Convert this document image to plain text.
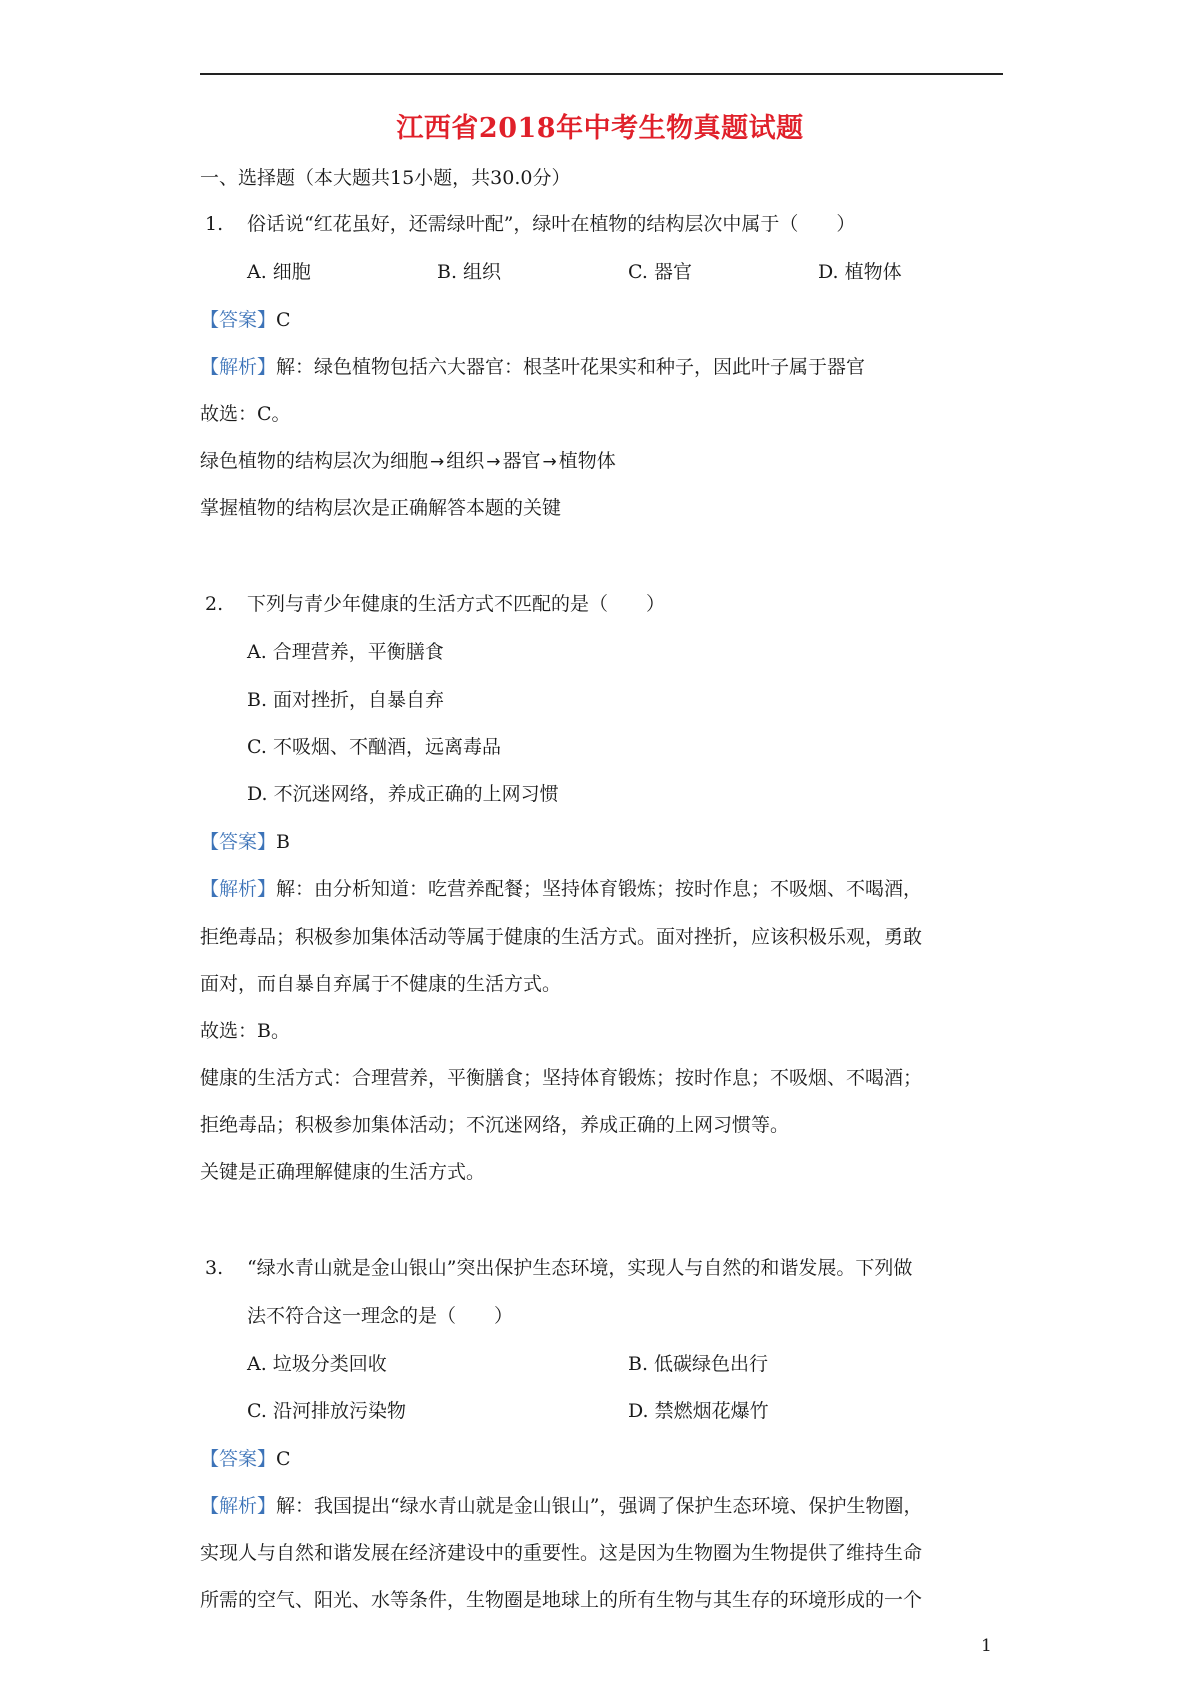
江西省2018年中考生物真题试题
一、选择题（本大题共15小题，共30.0分）
1. 俗话说“红花虽好，还需绿叶配”，绿叶在植物的结构层次中属于（　　）
A. 细胞	B. 组织	C. 器官	D. 植物体
【答案】C
【解析】解：绿色植物包括六大器官：根茎叶花果实和种子，因此叶子属于器官
故选：C。
绿色植物的结构层次为细胞 → 组织 → 器官 → 植物体
掌握植物的结构层次是正确解答本题的关键
2. 下列与青少年健康的生活方式不匹配的是（　　）
A. 合理营养，平衡膳食
B. 面对挫折，自暴自弃
C. 不吸烟、不酗酒，远离毒品
D. 不沉迷网络，养成正确的上网习惯
【答案】B
【解析】解：由分析知道：吃营养配餐；坚持体育锻炼；按时作息；不吸烟、不喝酒，
拒绝毒品；积极参加集体活动等属于健康的生活方式。面对挫折，应该积极乐观，勇敢
面对，而自暴自弃属于不健康的生活方式。
故选：B。
健康的生活方式：合理营养，平衡膳食；坚持体育锻炼；按时作息；不吸烟、不喝酒；
拒绝毒品；积极参加集体活动；不沉迷网络，养成正确的上网习惯等。
关键是正确理解健康的生活方式。
3. “绿水青山就是金山银山”突出保护生态环境，实现人与自然的和谐发展。下列做
法不符合这一理念的是（　　）
A. 垃圾分类回收	B. 低碳绿色出行
C. 沿河排放污染物	D. 禁燃烟花爆竹
【答案】C
【解析】解：我国提出“绿水青山就是金山银山”，强调了保护生态环境、保护生物圈，
实现人与自然和谐发展在经济建设中的重要性。这是因为生物圈为生物提供了维持生命
所需的空气、阳光、水等条件，生物圈是地球上的所有生物与其生存的环境形成的一个
1
